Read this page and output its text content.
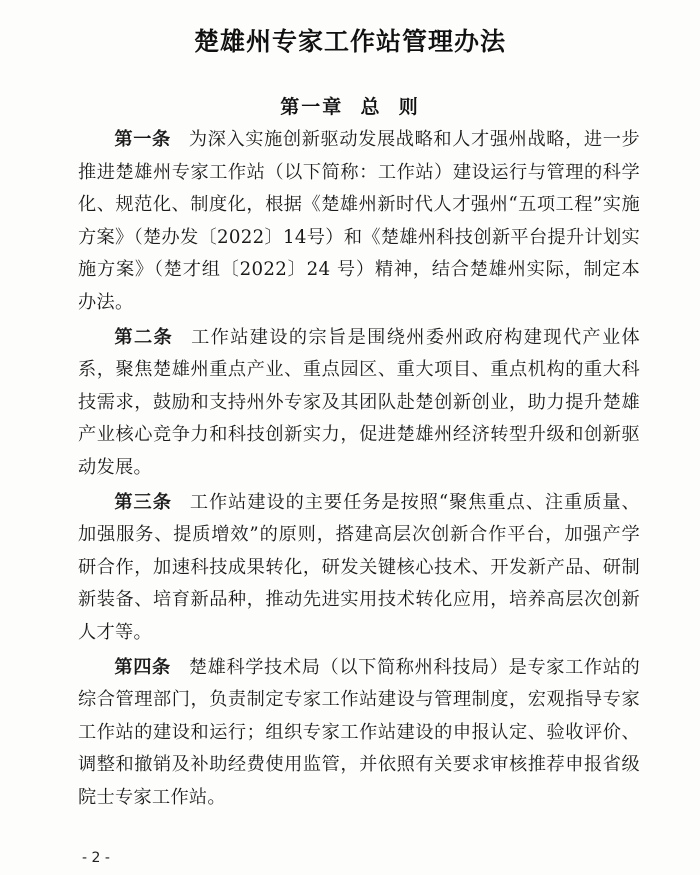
楚雄州专家工作站管理办法
第一章  总  则

第一条 为深入实施创新驱动发展战略和人才强州战略，进一步推进楚雄州专家工作站（以下简称：工作站）建设运行与管理的科学化、规范化、制度化，根据《楚雄州新时代人才强州“五项工程”实施方案》（楚办发〔2022〕14号）和《楚雄州科技创新平台提升计划实施方案》（楚才组〔2022〕24 号）精神，结合楚雄州实际，制定本办法。

第二条 工作站建设的宗旨是围绕州委州政府构建现代产业体系，聚焦楚雄州重点产业、重点园区、重大项目、重点机构的重大科技需求，鼓励和支持州外专家及其团队赴楚创新创业，助力提升楚雄产业核心竞争力和科技创新实力，促进楚雄州经济转型升级和创新驱动发展。

第三条 工作站建设的主要任务是按照“聚焦重点、注重质量、加强服务、提质增效”的原则，搭建高层次创新合作平台，加强产学研合作，加速科技成果转化，研发关键核心技术、开发新产品、研制新装备、培育新品种，推动先进实用技术转化应用，培养高层次创新人才等。

第四条 楚雄科学技术局（以下简称州科技局）是专家工作站的综合管理部门，负责制定专家工作站建设与管理制度，宏观指导专家工作站的建设和运行；组织专家工作站建设的申报认定、验收评价、调整和撤销及补助经费使用监管，并依照有关要求审核推荐申报省级院士专家工作站。

- 2 -
